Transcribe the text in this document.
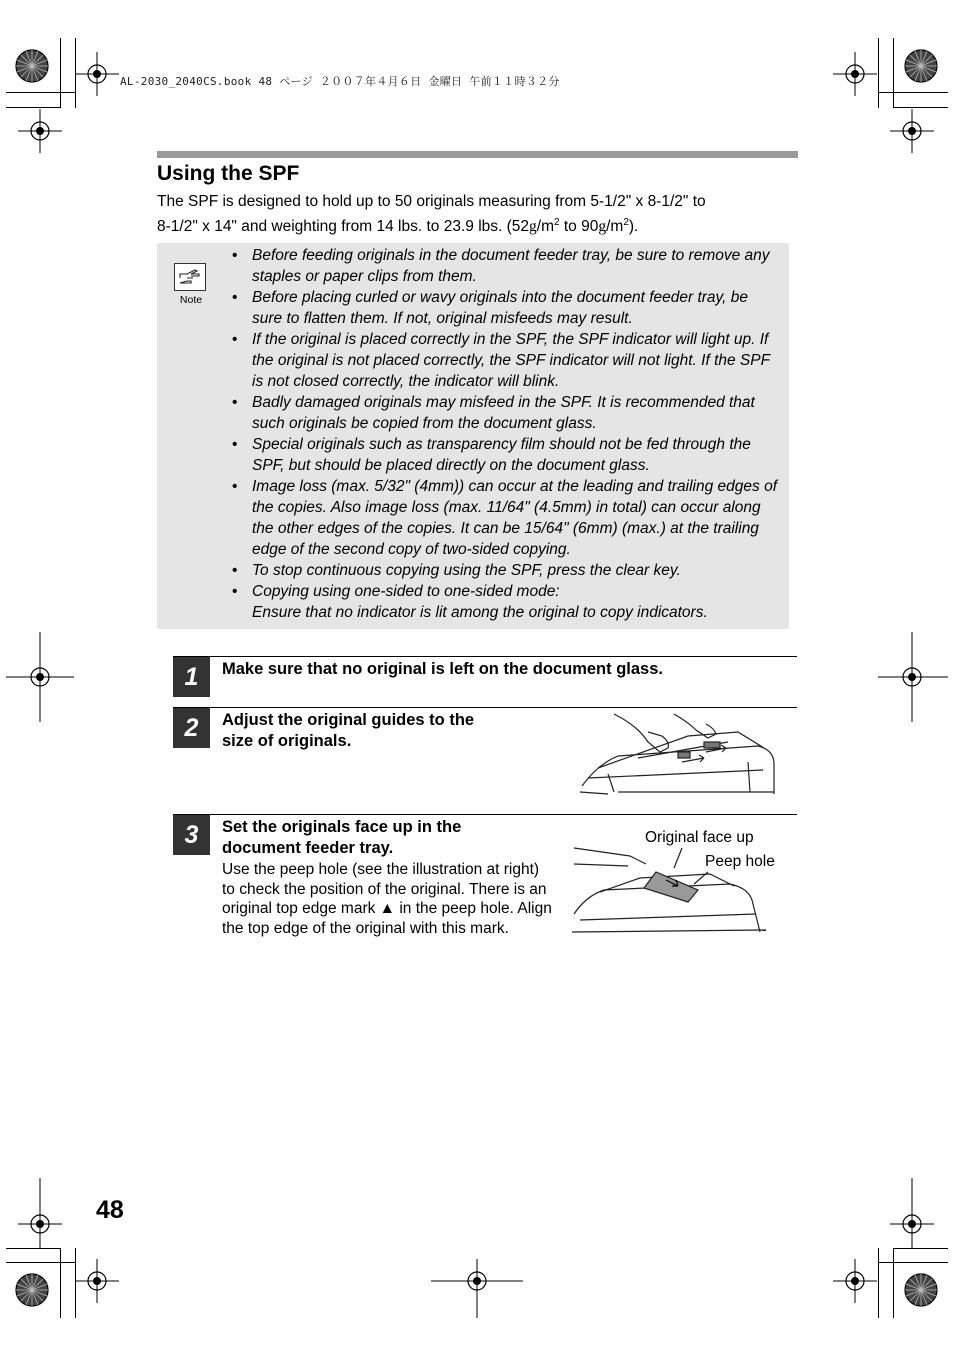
AL-2030_2040CS.book 48 ページ ２００７年４月６日 金曜日 午前１１時３２分
Using the SPF
The SPF is designed to hold up to 50 originals measuring from 5-1/2" x 8-1/2" to
8-1/2" x 14" and weighting from 14 lbs. to 23.9 lbs. ($52g/m^2$ to $90g/m^2$).
Note
• Before feeding originals in the document feeder tray, be sure to remove any staples or paper clips from them.
• Before placing curled or wavy originals into the document feeder tray, be sure to flatten them. If not, original misfeeds may result.
• If the original is placed correctly in the SPF, the SPF indicator will light up. If the original is not placed correctly, the SPF indicator will not light. If the SPF is not closed correctly, the indicator will blink.
• Badly damaged originals may misfeed in the SPF. It is recommended that such originals be copied from the document glass.
• Special originals such as transparency film should not be fed through the SPF, but should be placed directly on the document glass.
• Image loss (max. 5/32" (4mm)) can occur at the leading and trailing edges of the copies. Also image loss (max. 11/64" (4.5mm) in total) can occur along the other edges of the copies. It can be 15/64" (6mm) (max.) at the trailing edge of the second copy of two-sided copying.
• To stop continuous copying using the SPF, press the clear key.
• Copying using one-sided to one-sided mode:
Ensure that no indicator is lit among the original to copy indicators.
1	Make sure that no original is left on the document glass.
2	Adjust the original guides to the
size of originals.
3	Set the originals face up in the
document feeder tray.
Use the peep hole (see the illustration at right) to check the position of the original. There is an original top edge mark ▲ in the peep hole. Align the top edge of the original with this mark.
Original face up
Peep hole
48
